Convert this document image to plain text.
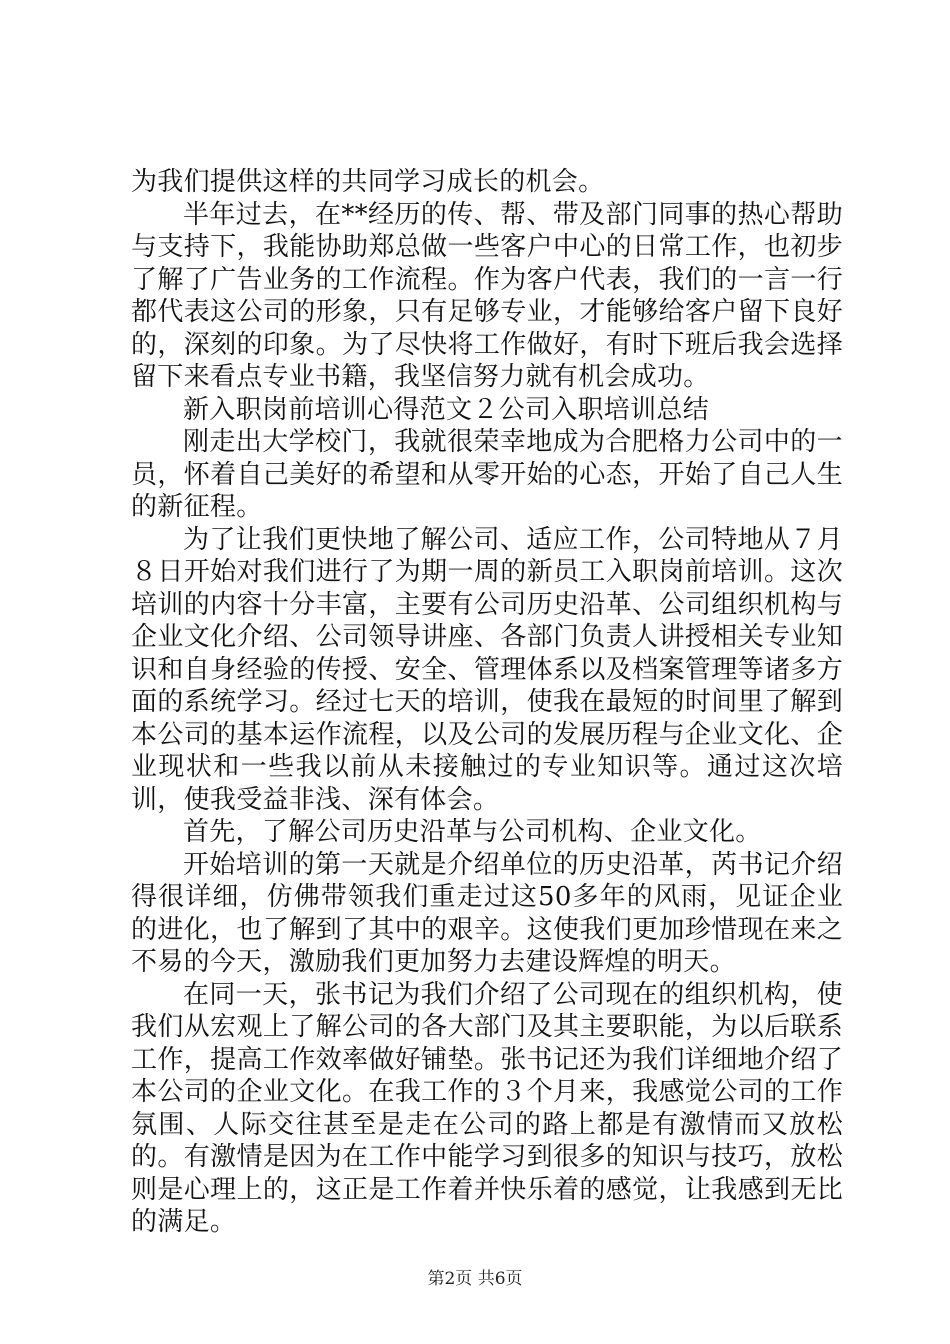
为我们提供这样的共同学习成长的机会。

半年过去，在**经历的传、帮、带及部门同事的热心帮助与支持下，我能协助郑总做一些客户中心的日常工作，也初步了解了广告业务的工作流程。作为客户代表，我们的一言一行都代表这公司的形象，只有足够专业，才能够给客户留下良好的，深刻的印象。为了尽快将工作做好，有时下班后我会选择留下来看点专业书籍，我坚信努力就有机会成功。

新入职岗前培训心得范文２公司入职培训总结

刚走出大学校门，我就很荣幸地成为合肥格力公司中的一员，怀着自己美好的希望和从零开始的心态，开始了自己人生的新征程。

为了让我们更快地了解公司、适应工作，公司特地从７月８日开始对我们进行了为期一周的新员工入职岗前培训。这次培训的内容十分丰富，主要有公司历史沿革、公司组织机构与企业文化介绍、公司领导讲座、各部门负责人讲授相关专业知识和自身经验的传授、安全、管理体系以及档案管理等诸多方面的系统学习。经过七天的培训，使我在最短的时间里了解到本公司的基本运作流程，以及公司的发展历程与企业文化、企业现状和一些我以前从未接触过的专业知识等。通过这次培训，使我受益非浅、深有体会。

首先，了解公司历史沿革与公司机构、企业文化。

开始培训的第一天就是介绍单位的历史沿革，芮书记介绍得很详细，仿佛带领我们重走过这50多年的风雨，见证企业的进化，也了解到了其中的艰辛。这使我们更加珍惜现在来之不易的今天，激励我们更加努力去建设辉煌的明天。

在同一天，张书记为我们介绍了公司现在的组织机构，使我们从宏观上了解公司的各大部门及其主要职能，为以后联系工作，提高工作效率做好铺垫。张书记还为我们详细地介绍了本公司的企业文化。在我工作的３个月来，我感觉公司的工作氛围、人际交往甚至是走在公司的路上都是有激情而又放松的。有激情是因为在工作中能学习到很多的知识与技巧，放松则是心理上的，这正是工作着并快乐着的感觉，让我感到无比的满足。

第2页 共6页
